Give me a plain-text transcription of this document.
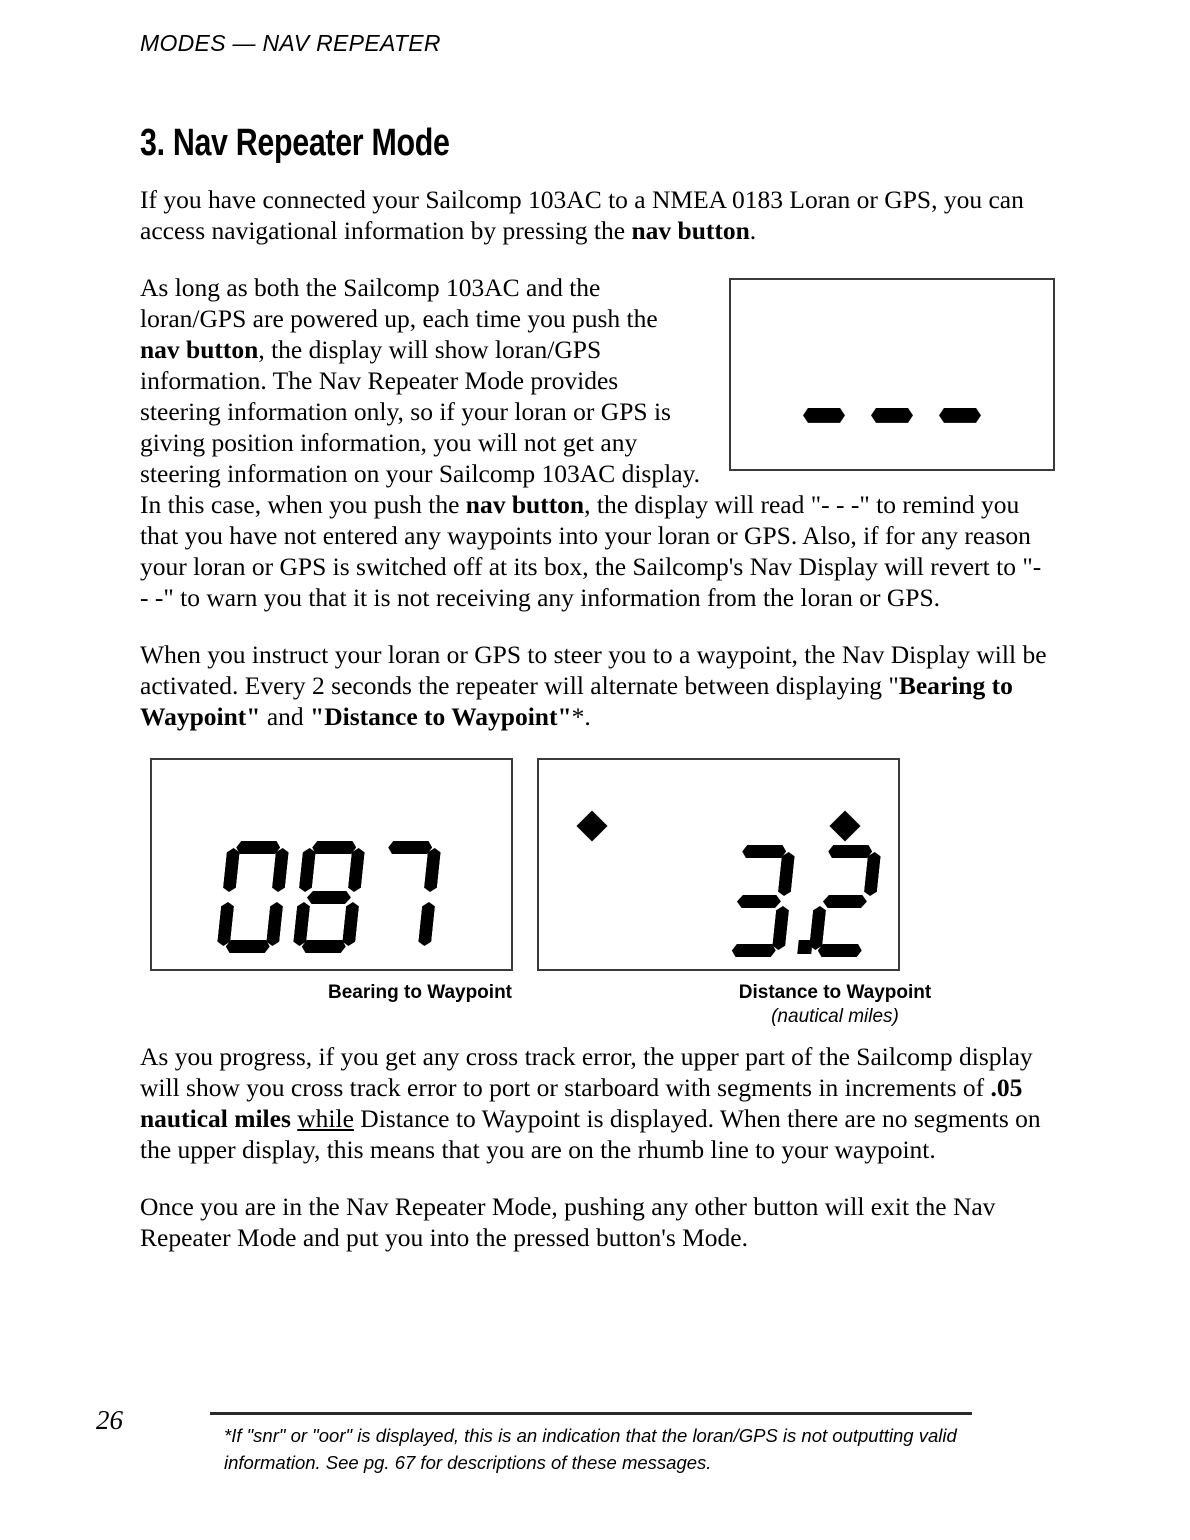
MODES — NAV REPEATER
3. Nav Repeater Mode

If you have connected your Sailcomp 103AC to a NMEA 0183 Loran or GPS, you can access navigational information by pressing the nav button.

As long as both the Sailcomp 103AC and the loran/GPS are powered up, each time you push the nav button, the display will show loran/GPS information. The Nav Repeater Mode provides steering information only, so if your loran or GPS is giving position information, you will not get any steering information on your Sailcomp 103AC display. In this case, when you push the nav button, the display will read "- - -" to remind you that you have not entered any waypoints into your loran or GPS. Also, if for any reason your loran or GPS is switched off at its box, the Sailcomp's Nav Display will revert to "- - -" to warn you that it is not receiving any information from the loran or GPS.

When you instruct your loran or GPS to steer you to a waypoint, the Nav Display will be activated. Every 2 seconds the repeater will alternate between displaying "Bearing to Waypoint" and "Distance to Waypoint"*.

Bearing to Waypoint	Distance to Waypoint
(nautical miles)

As you progress, if you get any cross track error, the upper part of the Sailcomp display will show you cross track error to port or starboard with segments in increments of .05 nautical miles while Distance to Waypoint is displayed. When there are no segments on the upper display, this means that you are on the rhumb line to your waypoint.

Once you are in the Nav Repeater Mode, pushing any other button will exit the Nav Repeater Mode and put you into the pressed button's Mode.

26
*If "snr" or "oor" is displayed, this is an indication that the loran/GPS is not outputting valid information. See pg. 67 for descriptions of these messages.
